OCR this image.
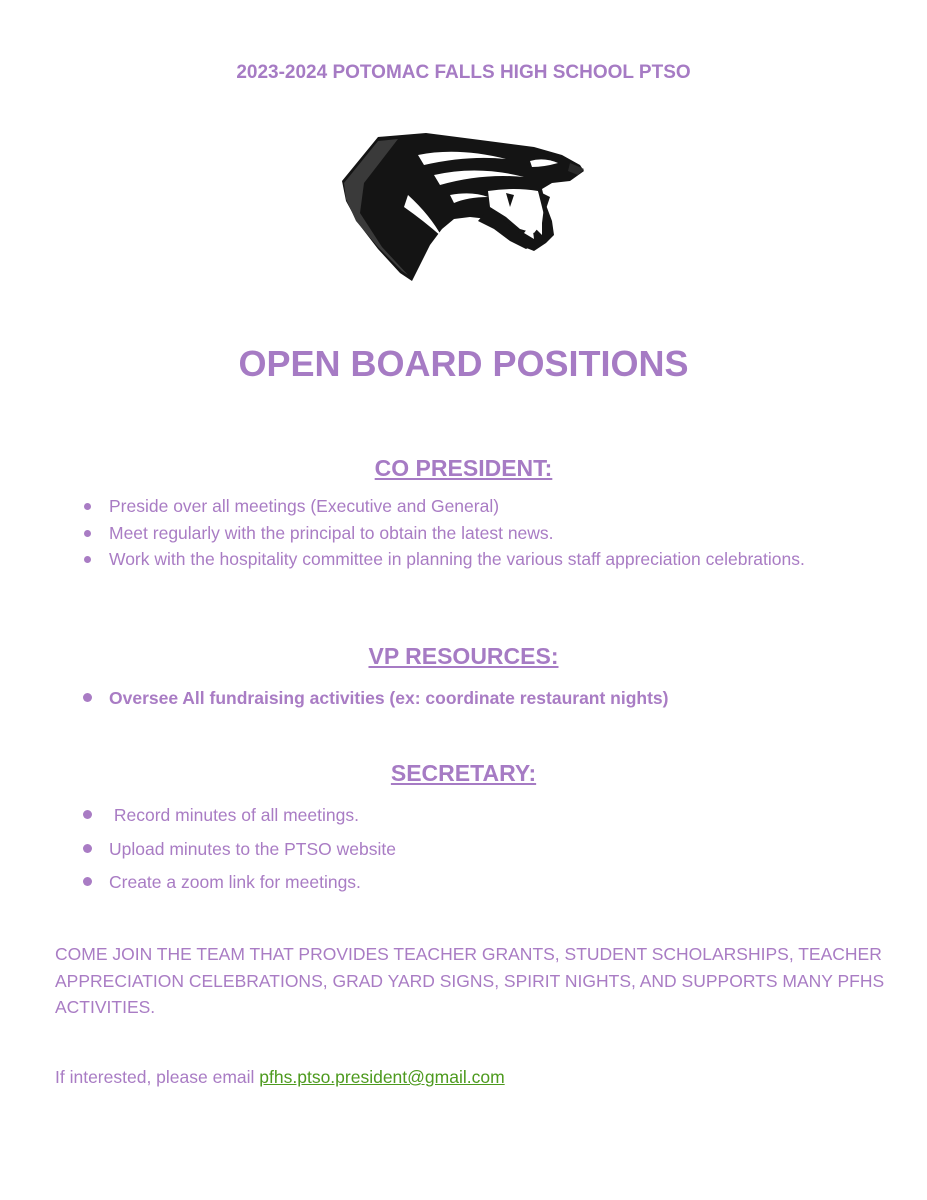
2023-2024 POTOMAC FALLS HIGH SCHOOL PTSO
OPEN BOARD POSITIONS
CO PRESIDENT:
Preside over all meetings (Executive and General)
Meet regularly with the principal to obtain the latest news.
Work with the hospitality committee in planning the various staff appreciation celebrations.
VP RESOURCES:
Oversee All fundraising activities (ex: coordinate restaurant nights)
SECRETARY:
Record minutes of all meetings.
Upload minutes to the PTSO website
Create a zoom link for meetings.
COME JOIN THE TEAM THAT PROVIDES TEACHER GRANTS, STUDENT SCHOLARSHIPS, TEACHER APPRECIATION CELEBRATIONS, GRAD YARD SIGNS, SPIRIT NIGHTS, AND SUPPORTS MANY PFHS ACTIVITIES.
If interested, please email pfhs.ptso.president@gmail.com
